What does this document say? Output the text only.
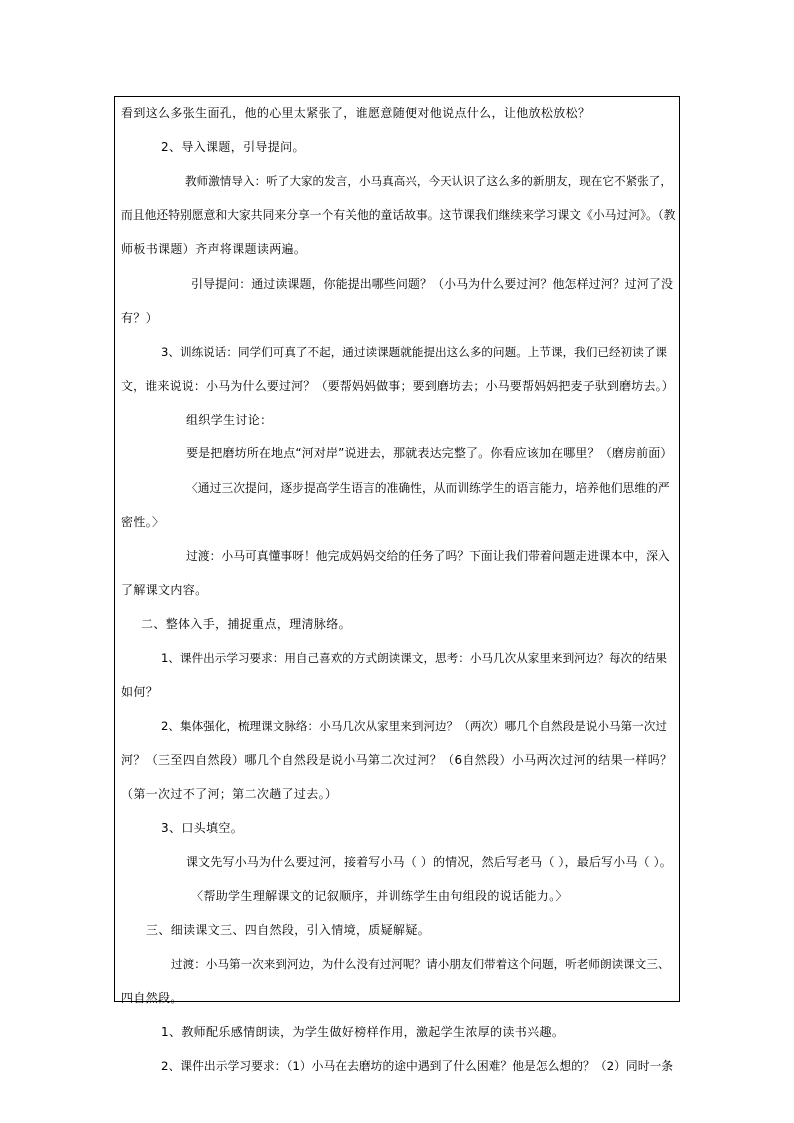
看到这么多张生面孔，他的心里太紧张了，谁愿意随便对他说点什么，让他放松放松？
2、导入课题，引导提问。
教师激情导入：听了大家的发言，小马真高兴，今天认识了这么多的新朋友，现在它不紧张了，
而且他还特别愿意和大家共同来分享一个有关他的童话故事。这节课我们继续来学习课文《小马过河》。（教
师板书课题）齐声将课题读两遍。
引导提问：通过读课题，你能提出哪些问题？（小马为什么要过河？他怎样过河？过河了没
有？）
3、训练说话：同学们可真了不起，通过读课题就能提出这么多的问题。上节课，我们已经初读了课
文，谁来说说：小马为什么要过河？（要帮妈妈做事；要到磨坊去；小马要帮妈妈把麦子驮到磨坊去。）
组织学生讨论：
要是把磨坊所在地点“河对岸”说进去，那就表达完整了。你看应该加在哪里？（磨房前面）
〈通过三次提问，逐步提高学生语言的准确性，从而训练学生的语言能力，培养他们思维的严
密性。〉
过渡：小马可真懂事呀！他完成妈妈交给的任务了吗？下面让我们带着问题走进课本中，深入
了解课文内容。
二、整体入手，捕捉重点，理清脉络。
1、课件出示学习要求：用自己喜欢的方式朗读课文，思考：小马几次从家里来到河边？每次的结果
如何？
2、集体强化，梳理课文脉络：小马几次从家里来到河边？（两次）哪几个自然段是说小马第一次过
河？（三至四自然段）哪几个自然段是说小马第二次过河？（6自然段）小马两次过河的结果一样吗？
（第一次过不了河；第二次趟了过去。）
3、口头填空。
课文先写小马为什么要过河，接着写小马（ ）的情况，然后写老马（ ），最后写小马（ ）。
〈帮助学生理解课文的记叙顺序，并训练学生由句组段的说话能力。〉
三、细读课文三、四自然段，引入情境，质疑解疑。
过渡：小马第一次来到河边，为什么没有过河呢？请小朋友们带着这个问题，听老师朗读课文三、
四自然段。
1、教师配乐感情朗读，为学生做好榜样作用，激起学生浓厚的读书兴趣。
2、课件出示学习要求：（1）小马在去磨坊的途中遇到了什么困难？他是怎么想的？（2）同时一条
